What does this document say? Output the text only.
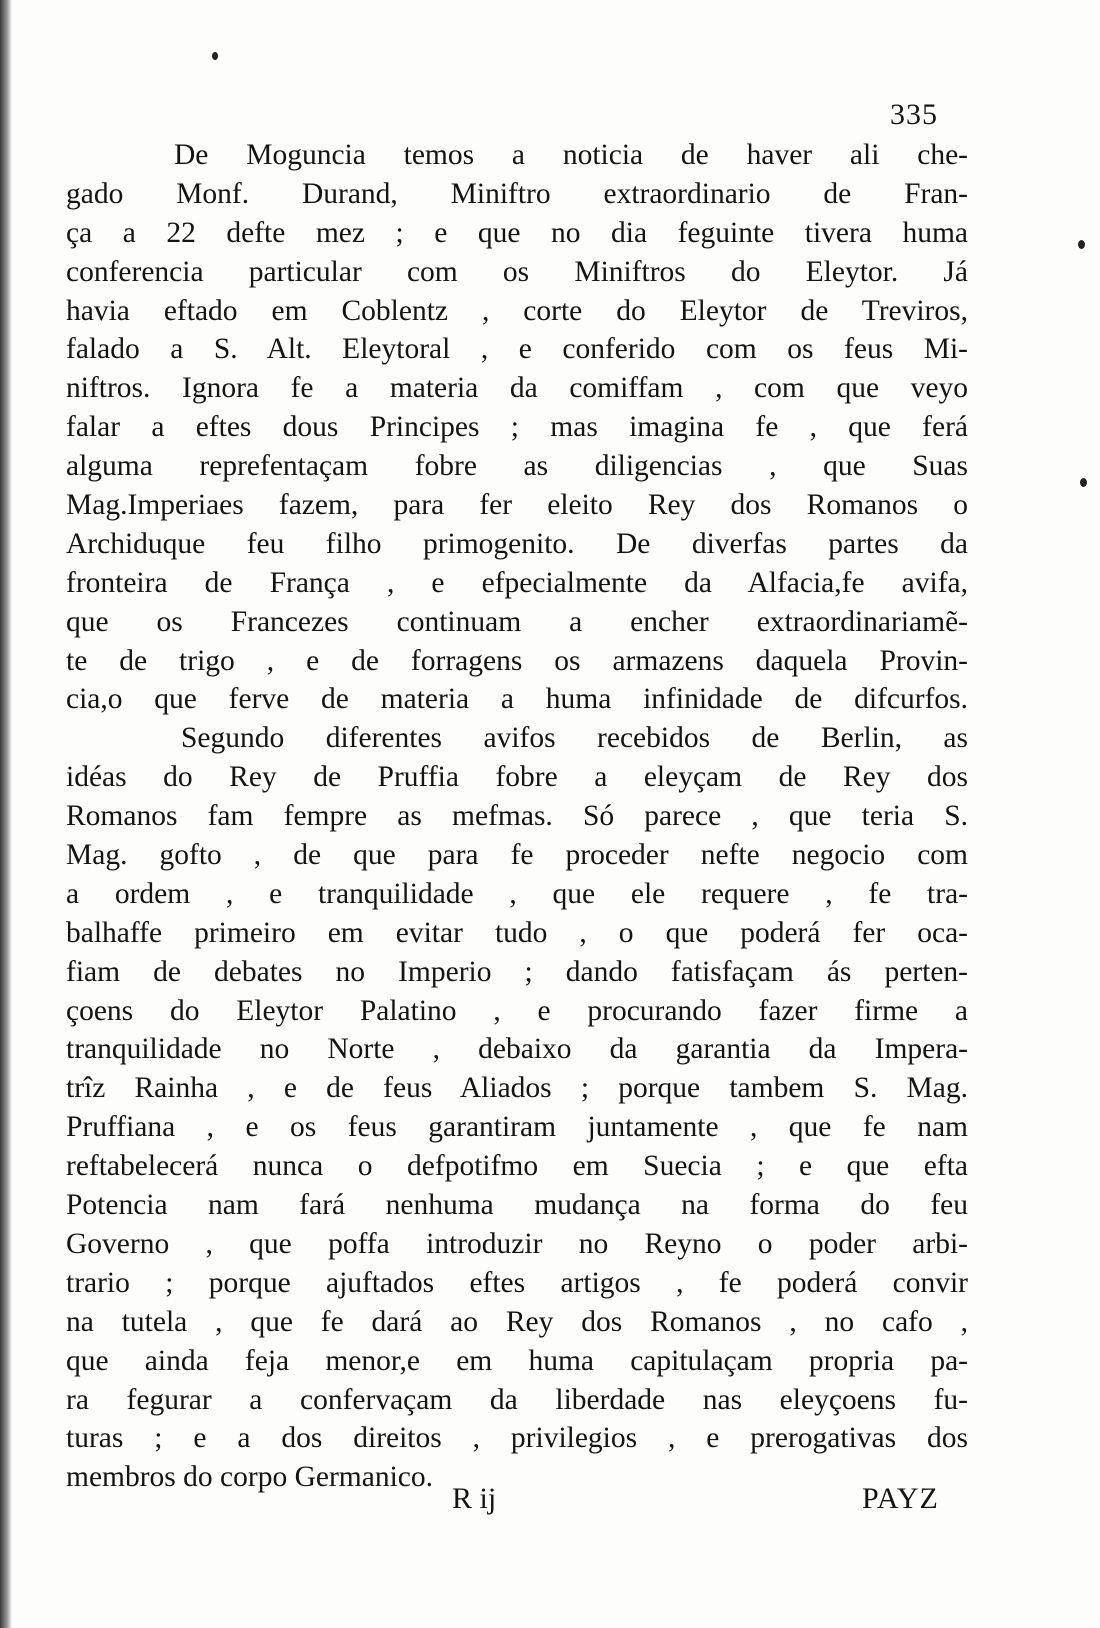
335
De Moguncia temos a noticia de haver ali che-
gado Monf. Durand, Miniftro extraordinario de Fran-
ça a 22 defte mez ; e que no dia feguinte tivera huma
conferencia particular com os Miniftros do Eleytor. Já
havia eftado em Coblentz , corte do Eleytor de Treviros,
falado a S. Alt. Eleytoral , e conferido com os feus Mi-
niftros. Ignora fe a materia da comiffam , com que veyo
falar a eftes dous Principes ; mas imagina fe , que ferá
alguma reprefentaçam fobre as diligencias , que Suas
Mag.Imperiaes fazem, para fer eleito Rey dos Romanos o
Archiduque feu filho primogenito. De diverfas partes da
fronteira de França , e efpecialmente da Alfacia,fe avifa,
que os Francezes continuam a encher extraordinariamẽ-
te de trigo , e de forragens os armazens daquela Provin-
cia,o que ferve de materia a huma infinidade de difcurfos.
Segundo diferentes avifos recebidos de Berlin, as
idéas do Rey de Pruffia fobre a eleyçam de Rey dos
Romanos fam fempre as mefmas. Só parece , que teria S.
Mag. gofto , de que para fe proceder nefte negocio com
a ordem , e tranquilidade , que ele requere , fe tra-
balhaffe primeiro em evitar tudo , o que poderá fer oca-
fiam de debates no Imperio ; dando fatisfaçam ás perten-
çoens do Eleytor Palatino , e procurando fazer firme a
tranquilidade no Norte , debaixo da garantia da Impera-
trîz Rainha , e de feus Aliados ; porque tambem S. Mag.
Pruffiana , e os feus garantiram juntamente , que fe nam
reftabelecerá nunca o defpotifmo em Suecia ; e que efta
Potencia nam fará nenhuma mudança na forma do feu
Governo , que poffa introduzir no Reyno o poder arbi-
trario ; porque ajuftados eftes artigos , fe poderá convir
na tutela , que fe dará ao Rey dos Romanos , no cafo ,
que ainda feja menor,e em huma capitulaçam propria pa-
ra fegurar a confervaçam da liberdade nas eleyçoens fu-
turas ; e a dos direitos , privilegios , e prerogativas dos
membros do corpo Germanico.
R ij	PAYZ
